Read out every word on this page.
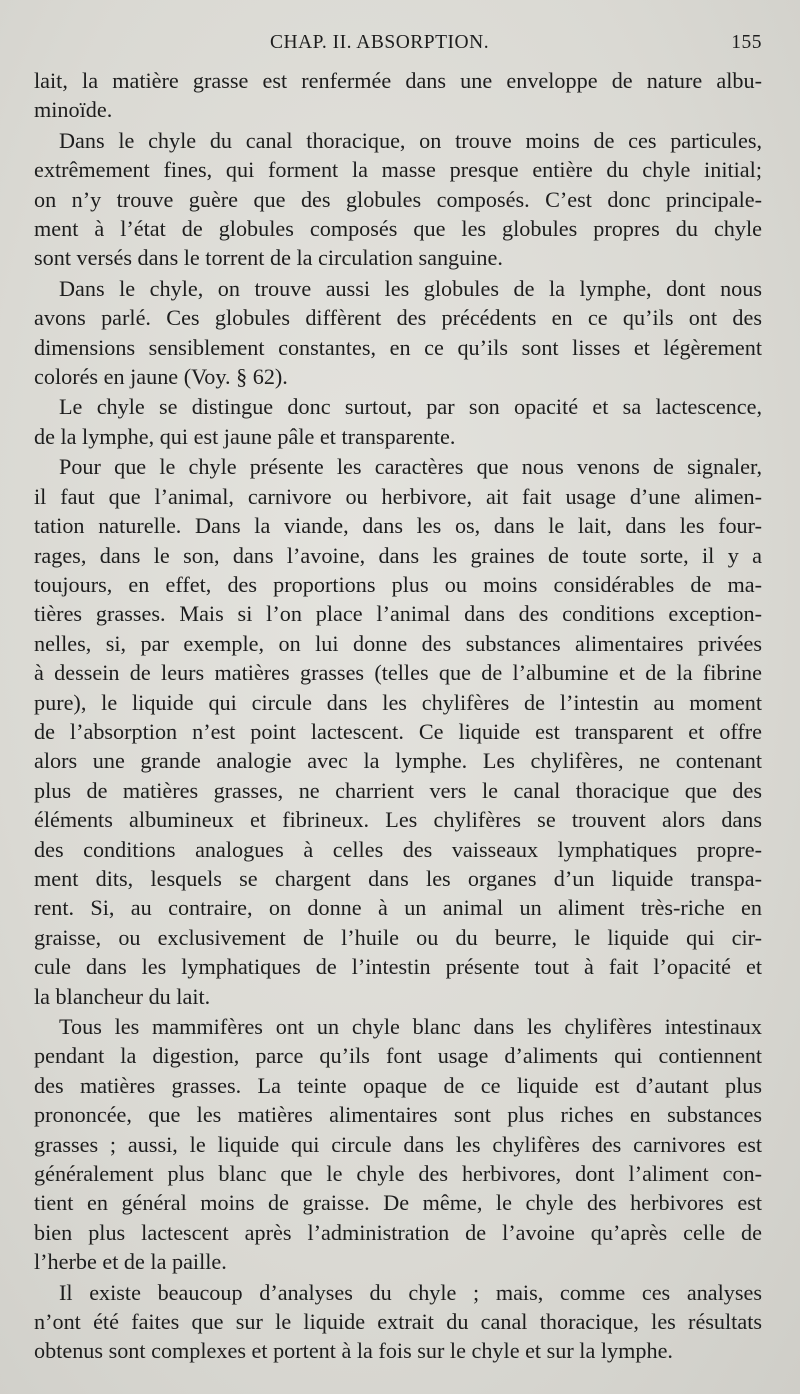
CHAP. II. ABSORPTION.	155
lait, la matière grasse est renfermée dans une enveloppe de nature albu-
minoïde.
Dans le chyle du canal thoracique, on trouve moins de ces particules,
extrêmement fines, qui forment la masse presque entière du chyle initial;
on n’y trouve guère que des globules composés. C’est donc principale-
ment à l’état de globules composés que les globules propres du chyle
sont versés dans le torrent de la circulation sanguine.
Dans le chyle, on trouve aussi les globules de la lymphe, dont nous
avons parlé. Ces globules diffèrent des précédents en ce qu’ils ont des
dimensions sensiblement constantes, en ce qu’ils sont lisses et légèrement
colorés en jaune (Voy. § 62).
Le chyle se distingue donc surtout, par son opacité et sa lactescence,
de la lymphe, qui est jaune pâle et transparente.
Pour que le chyle présente les caractères que nous venons de signaler,
il faut que l’animal, carnivore ou herbivore, ait fait usage d’une alimen-
tation naturelle. Dans la viande, dans les os, dans le lait, dans les four-
rages, dans le son, dans l’avoine, dans les graines de toute sorte, il y a
toujours, en effet, des proportions plus ou moins considérables de ma-
tières grasses. Mais si l’on place l’animal dans des conditions exception-
nelles, si, par exemple, on lui donne des substances alimentaires privées
à dessein de leurs matières grasses (telles que de l’albumine et de la fibrine
pure), le liquide qui circule dans les chylifères de l’intestin au moment
de l’absorption n’est point lactescent. Ce liquide est transparent et offre
alors une grande analogie avec la lymphe. Les chylifères, ne contenant
plus de matières grasses, ne charrient vers le canal thoracique que des
éléments albumineux et fibrineux. Les chylifères se trouvent alors dans
des conditions analogues à celles des vaisseaux lymphatiques propre-
ment dits, lesquels se chargent dans les organes d’un liquide transpa-
rent. Si, au contraire, on donne à un animal un aliment très-riche en
graisse, ou exclusivement de l’huile ou du beurre, le liquide qui cir-
cule dans les lymphatiques de l’intestin présente tout à fait l’opacité et
la blancheur du lait.
Tous les mammifères ont un chyle blanc dans les chylifères intestinaux
pendant la digestion, parce qu’ils font usage d’aliments qui contiennent
des matières grasses. La teinte opaque de ce liquide est d’autant plus
prononcée, que les matières alimentaires sont plus riches en substances
grasses ; aussi, le liquide qui circule dans les chylifères des carnivores est
généralement plus blanc que le chyle des herbivores, dont l’aliment con-
tient en général moins de graisse. De même, le chyle des herbivores est
bien plus lactescent après l’administration de l’avoine qu’après celle de
l’herbe et de la paille.
Il existe beaucoup d’analyses du chyle ; mais, comme ces analyses
n’ont été faites que sur le liquide extrait du canal thoracique, les résultats
obtenus sont complexes et portent à la fois sur le chyle et sur la lymphe.
